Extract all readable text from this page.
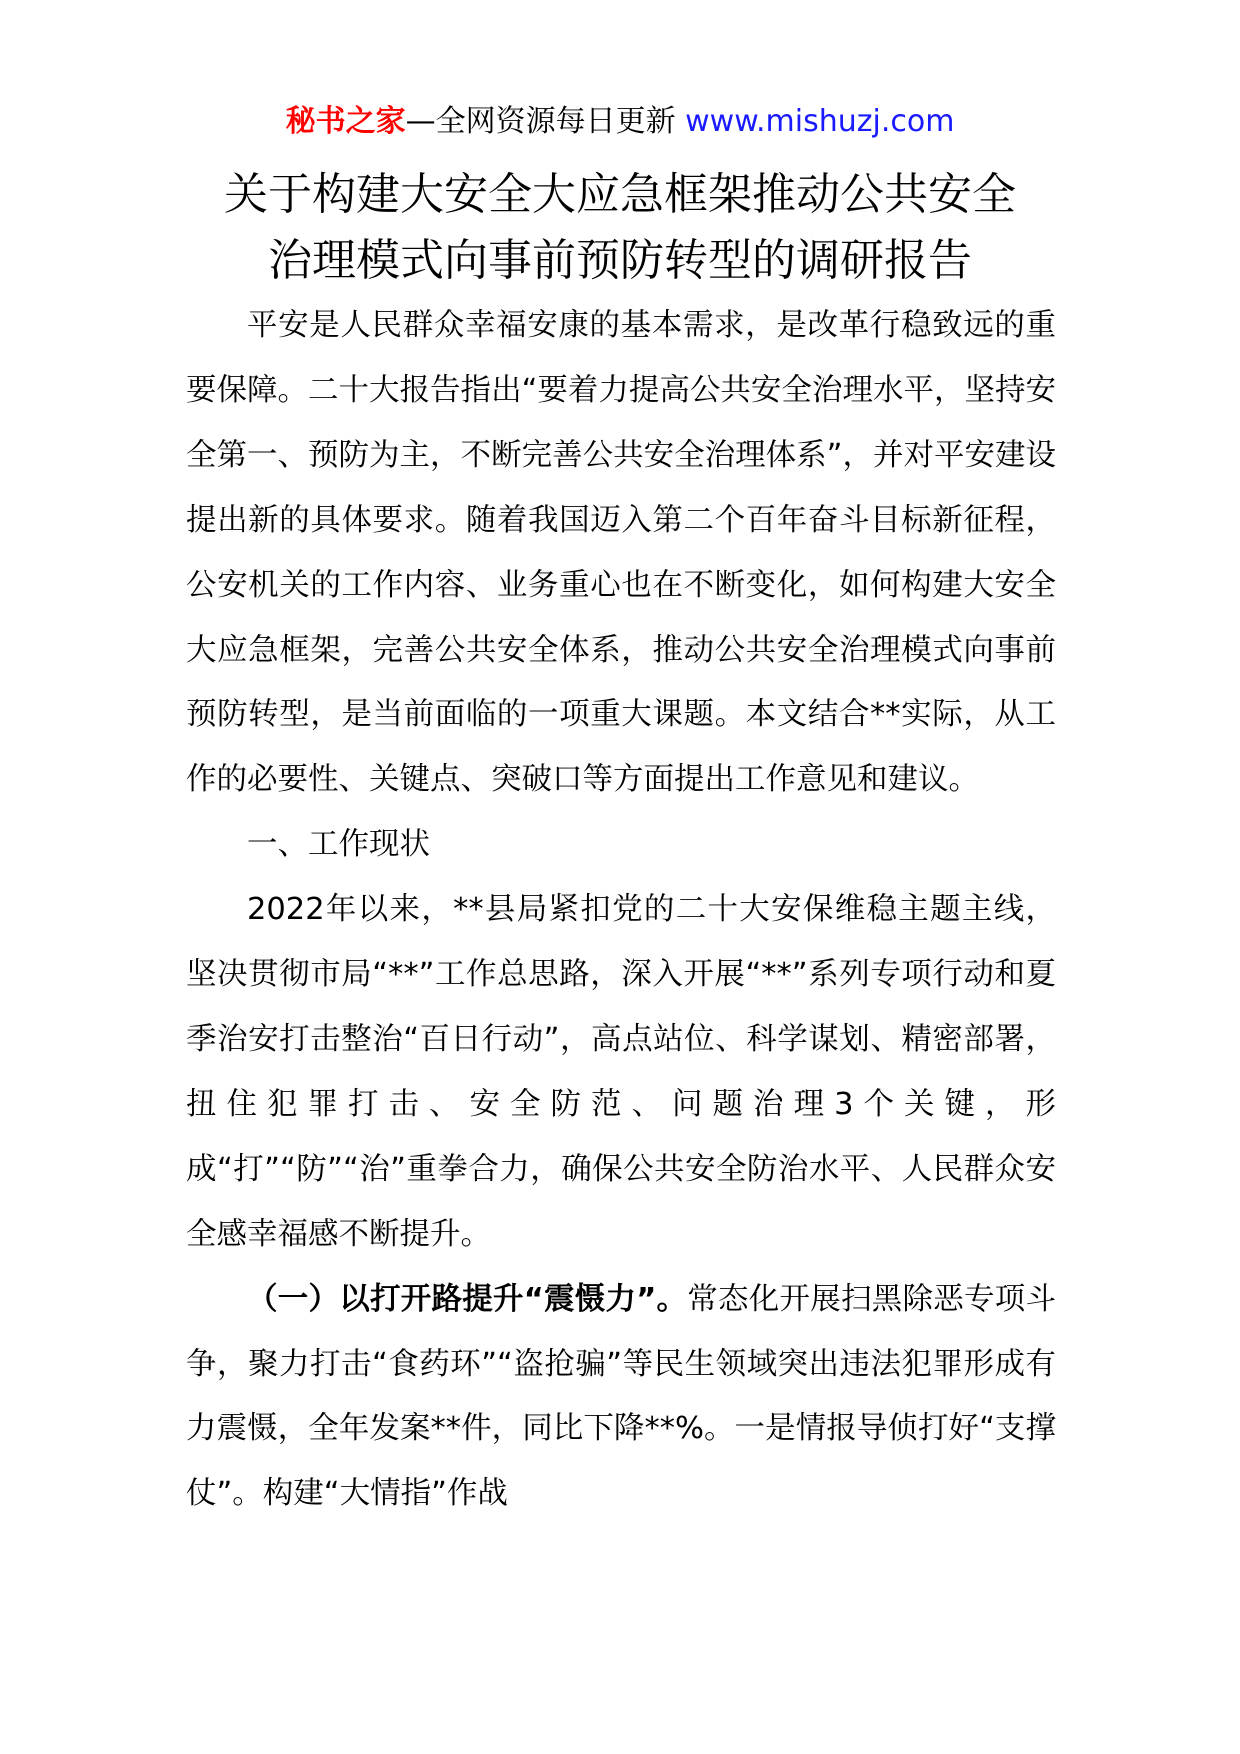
秘书之家—全网资源每日更新 www.mishuzj.com
关于构建大安全大应急框架推动公共安全
治理模式向事前预防转型的调研报告

平安是人民群众幸福安康的基本需求，是改革行稳致远的重要保障。二十大报告指出“要着力提高公共安全治理水平，坚持安全第一、预防为主，不断完善公共安全治理体系”，并对平安建设提出新的具体要求。随着我国迈入第二个百年奋斗目标新征程，公安机关的工作内容、业务重心也在不断变化，如何构建大安全大应急框架，完善公共安全体系，推动公共安全治理模式向事前预防转型，是当前面临的一项重大课题。本文结合**实际，从工作的必要性、关键点、突破口等方面提出工作意见和建议。

一、工作现状

2022年以来，**县局紧扣党的二十大安保维稳主题主线，坚决贯彻市局“**”工作总思路，深入开展“**”系列专项行动和夏季治安打击整治“百日行动”，高点站位、科学谋划、精密部署，扭住犯罪打击、安全防范、问题治理3个关键，形成“打”“防”“治”重拳合力，确保公共安全防治水平、人民群众安全感幸福感不断提升。

（一）以打开路提升“震慑力”。常态化开展扫黑除恶专项斗争，聚力打击“食药环”“盗抢骗”等民生领域突出违法犯罪形成有力震慑，全年发案**件，同比下降**%。一是情报导侦打好“支撑仗”。构建“大情指”作战
